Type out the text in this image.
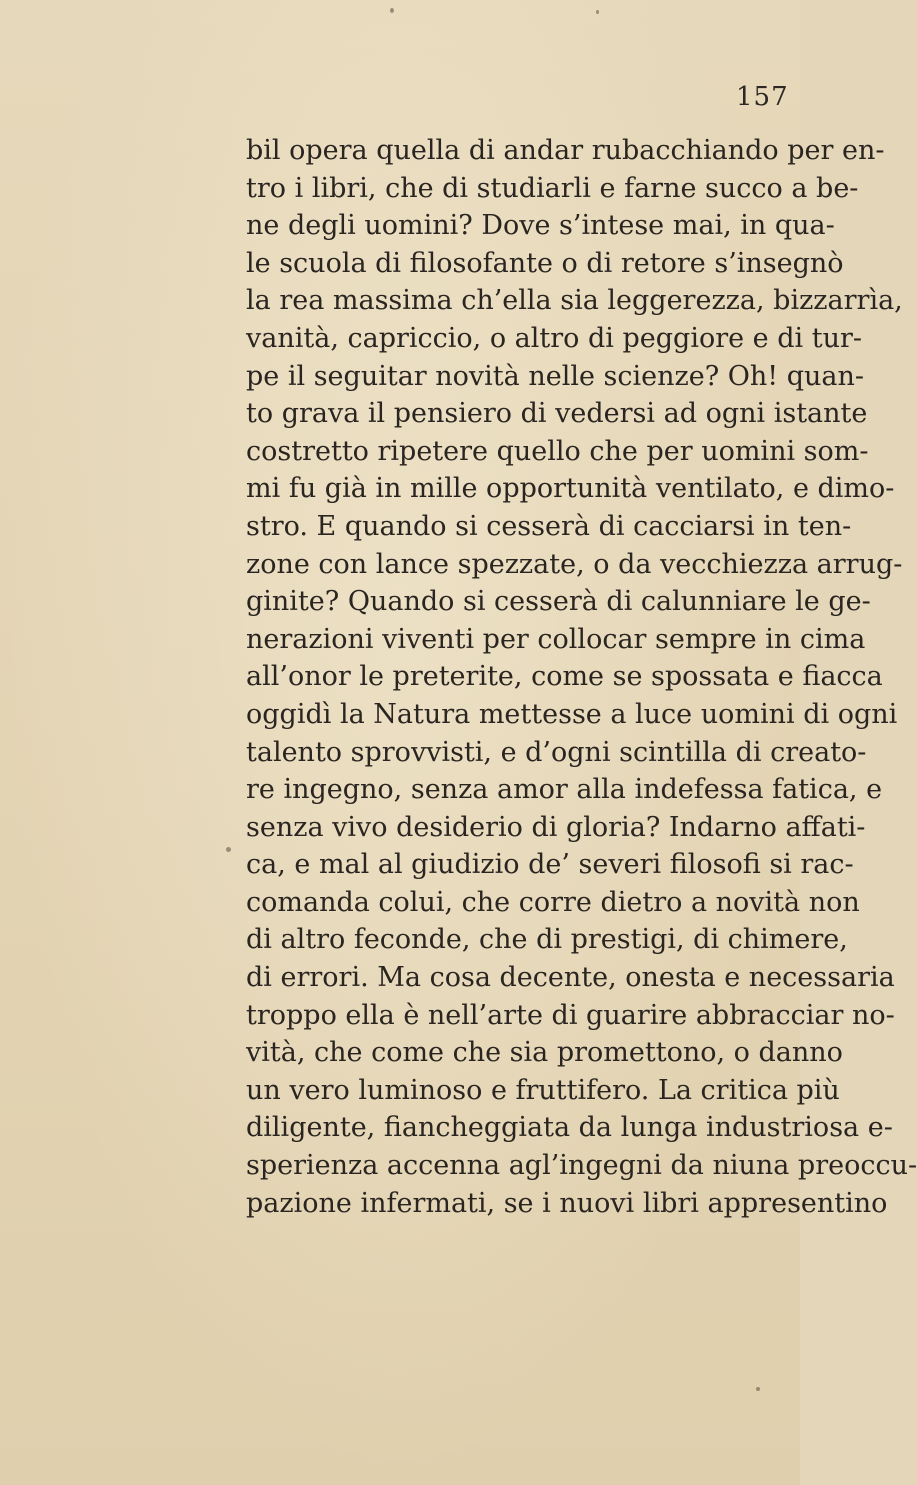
157
bil opera quella di andar rubacchiando per en-
tro i libri, che di studiarli e farne succo a be-
ne degli uomini? Dove s’intese mai, in qua-
le scuola di filosofante o di retore s’insegnò
la rea massima ch’ella sia leggerezza, bizzarrìa,
vanità, capriccio, o altro di peggiore e di tur-
pe il seguitar novità nelle scienze? Oh! quan-
to grava il pensiero di vedersi ad ogni istante
costretto ripetere quello che per uomini som-
mi fu già in mille opportunità ventilato, e dimo-
stro. E quando si cesserà di cacciarsi in ten-
zone con lance spezzate, o da vecchiezza arrug-
ginite? Quando si cesserà di calunniare le ge-
nerazioni viventi per collocar sempre in cima
all’onor le preterite, come se spossata e fiacca
oggidì la Natura mettesse a luce uomini di ogni
talento sprovvisti, e d’ogni scintilla di creato-
re ingegno, senza amor alla indefessa fatica, e
senza vivo desiderio di gloria? Indarno affati-
ca, e mal al giudizio de’ severi filosofi si rac-
comanda colui, che corre dietro a novità non
di altro feconde, che di prestigi, di chimere,
di errori. Ma cosa decente, onesta e necessaria
troppo ella è nell’arte di guarire abbracciar no-
vità, che come che sia promettono, o danno
un vero luminoso e fruttifero. La critica più
diligente, fiancheggiata da lunga industriosa e-
sperienza accenna agl’ingegni da niuna preoccu-
pazione infermati, se i nuovi libri appresentino
